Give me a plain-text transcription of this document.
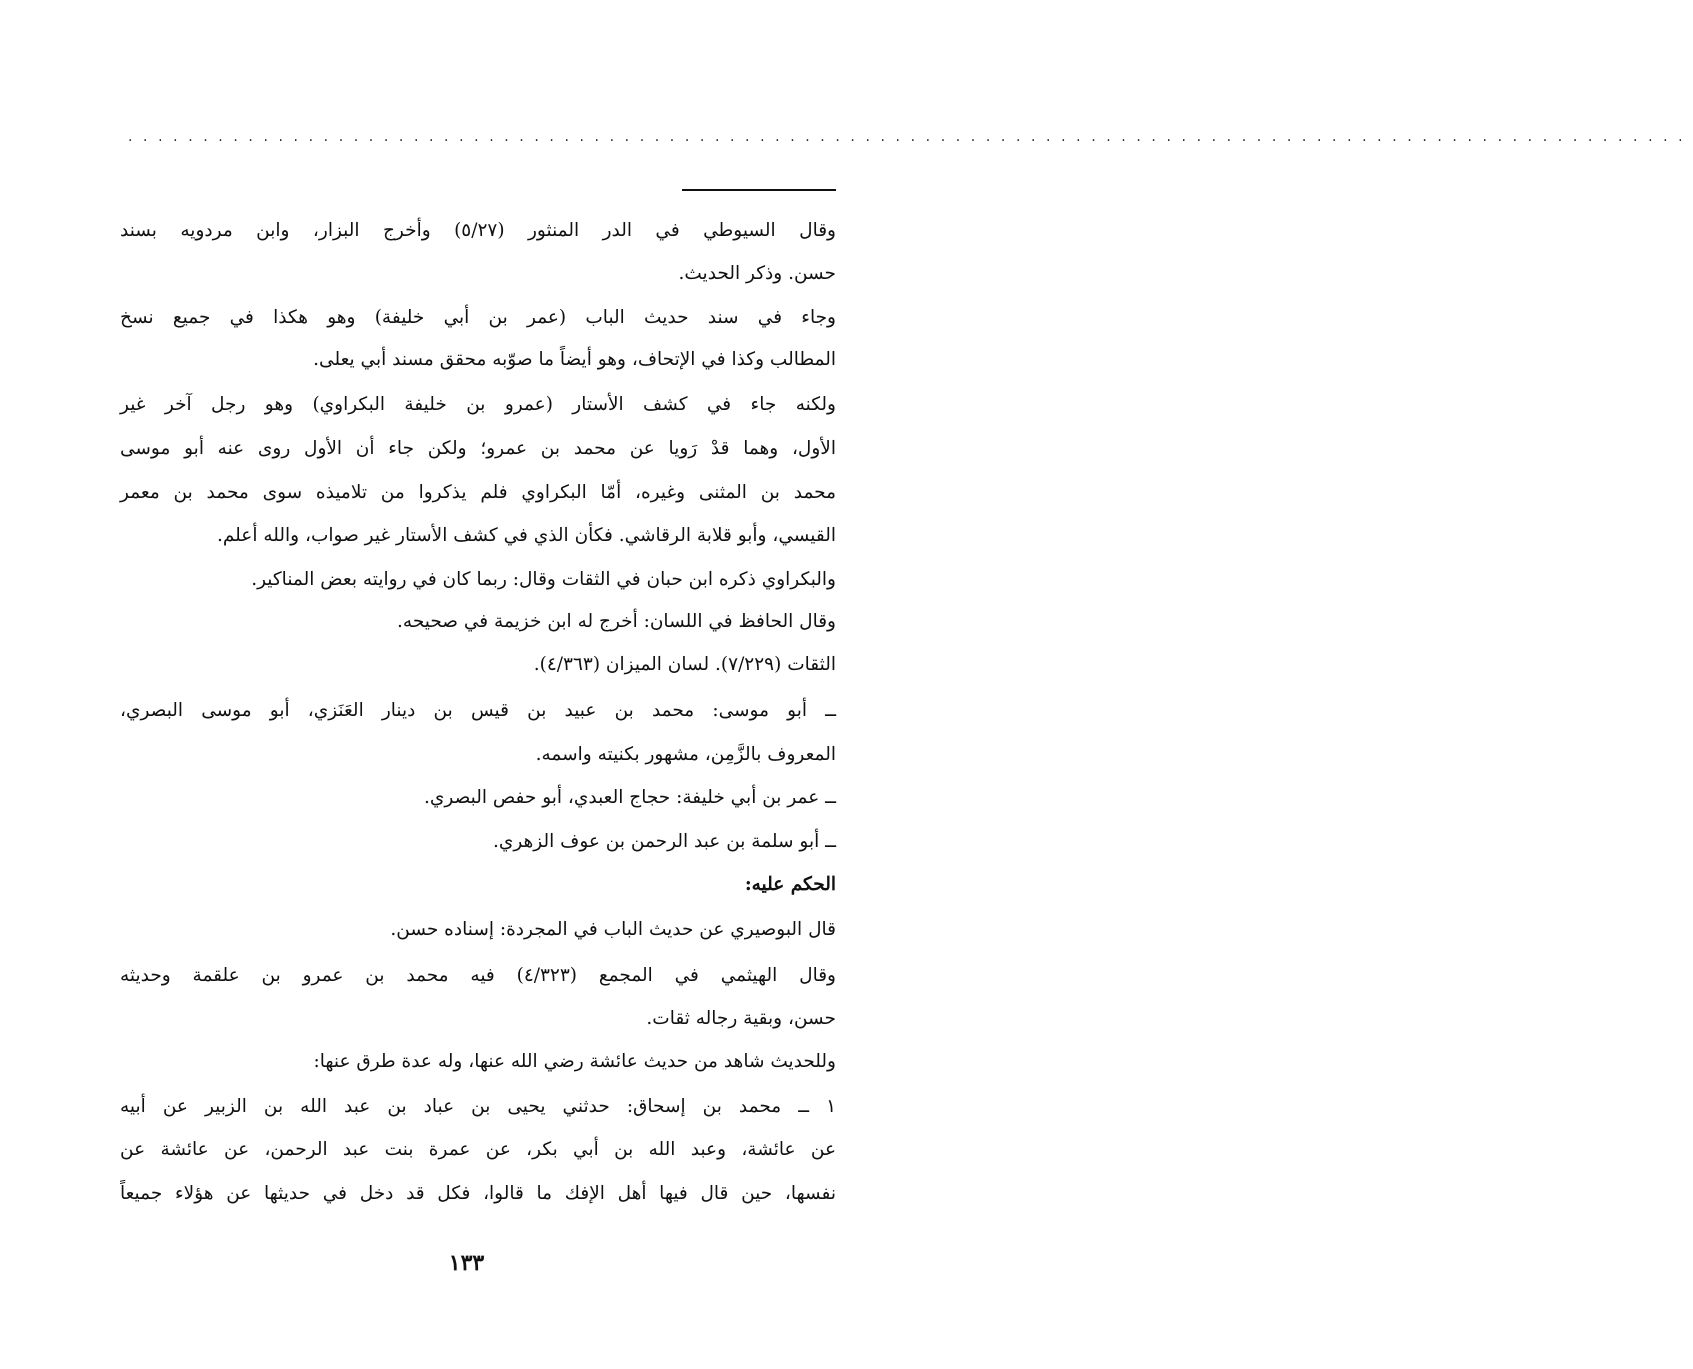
........................................................................................................
وقال السيوطي في الدر المنثور (٥/٢٧) وأخرج البزار، وابن مردويه بسند
حسن. وذكر الحديث.
وجاء في سند حديث الباب (عمر بن أبي خليفة) وهو هكذا في جميع نسخ
المطالب وكذا في الإتحاف، وهو أيضاً ما صوّبه محقق مسند أبي يعلى.
ولكنه جاء في كشف الأستار (عمرو بن خليفة البكراوي) وهو رجل آخر غير
الأول، وهما قدْ رَويا عن محمد بن عمرو؛ ولكن جاء أن الأول روى عنه أبو موسى
محمد بن المثنى وغيره، أمّا البكراوي فلم يذكروا من تلاميذه سوى محمد بن معمر
القيسي، وأبو قلابة الرقاشي. فكأن الذي في كشف الأستار غير صواب، والله أعلم.
والبكراوي ذكره ابن حبان في الثقات وقال: ربما كان في روايته بعض المناكير.
وقال الحافظ في اللسان: أخرج له ابن خزيمة في صحيحه.
الثقات (٧/٢٢٩). لسان الميزان (٤/٣٦٣).
ــ أبو موسى: محمد بن عبيد بن قيس بن دينار العَنَزي، أبو موسى البصري،
المعروف بالزَّمِن، مشهور بكنيته واسمه.
ــ عمر بن أبي خليفة: حجاج العبدي، أبو حفص البصري.
ــ أبو سلمة بن عبد الرحمن بن عوف الزهري.
الحكم عليه:
قال البوصيري عن حديث الباب في المجردة: إسناده حسن.
وقال الهيثمي في المجمع (٤/٣٢٣) فيه محمد بن عمرو بن علقمة وحديثه
حسن، وبقية رجاله ثقات.
وللحديث شاهد من حديث عائشة رضي الله عنها، وله عدة طرق عنها:
١ ــ محمد بن إسحاق: حدثني يحيى بن عباد بن عبد الله بن الزبير عن أبيه
عن عائشة، وعبد الله بن أبي بكر، عن عمرة بنت عبد الرحمن، عن عائشة عن
نفسها، حين قال فيها أهل الإفك ما قالوا، فكل قد دخل في حديثها عن هؤلاء جميعاً
١٣٣
